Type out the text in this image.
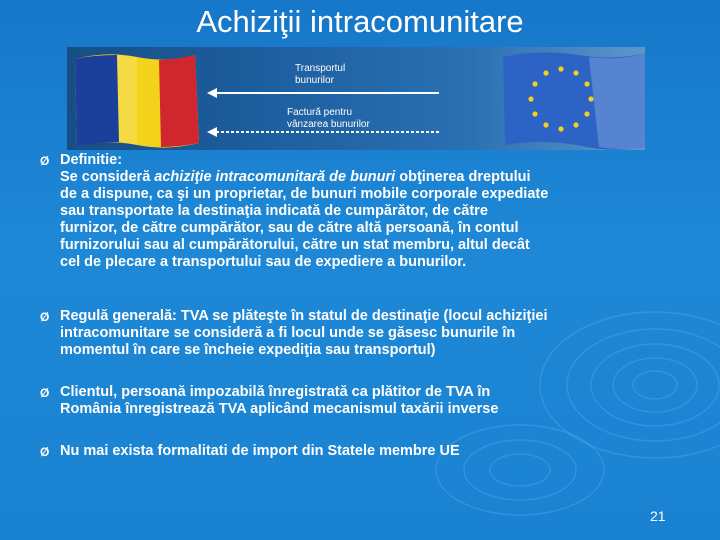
Achiziţii intracomunitare
Transportul
bunurilor
Factură pentru
vânzarea bunurilor
Ø Definitie:
Se consideră achiziţie intracomunitară de bunuri obţinerea dreptului
de a dispune, ca şi un proprietar, de bunuri mobile corporale expediate
sau transportate la destinaţia indicată de cumpărător, de către
furnizor, de către cumpărător, sau de către altă persoană, în contul
furnizorului sau al cumpărătorului, către un stat membru, altul decât
cel de plecare a transportului sau de expediere a bunurilor.
Ø Regulă generală: TVA se plăteşte în statul de destinaţie (locul achiziţiei
intracomunitare se consideră a fi locul unde se găsesc bunurile în
momentul în care se încheie expediţia sau transportul)
Ø Clientul, persoană impozabilă înregistrată ca plătitor de TVA în
România înregistrează TVA aplicând mecanismul taxării inverse
Ø Nu mai exista formalitati de import din Statele membre UE
21
